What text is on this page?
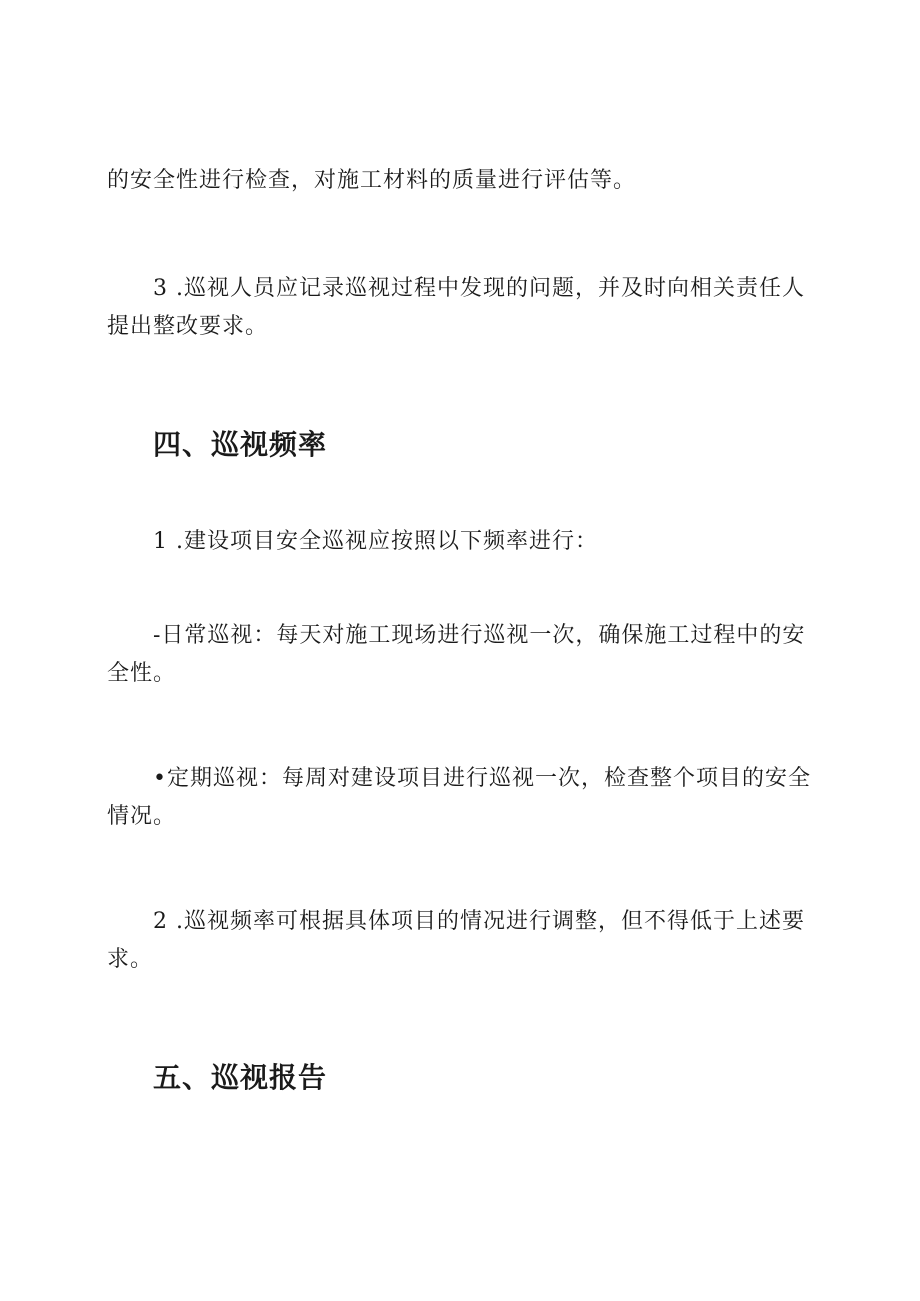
的安全性进行检查，对施工材料的质量进行评估等。

3 .巡视人员应记录巡视过程中发现的问题，并及时向相关责任人提出整改要求。

四、巡视频率

1 .建设项目安全巡视应按照以下频率进行：

-日常巡视：每天对施工现场进行巡视一次，确保施工过程中的安全性。

•定期巡视：每周对建设项目进行巡视一次，检查整个项目的安全情况。

2 .巡视频率可根据具体项目的情况进行调整，但不得低于上述要求。

五、巡视报告
